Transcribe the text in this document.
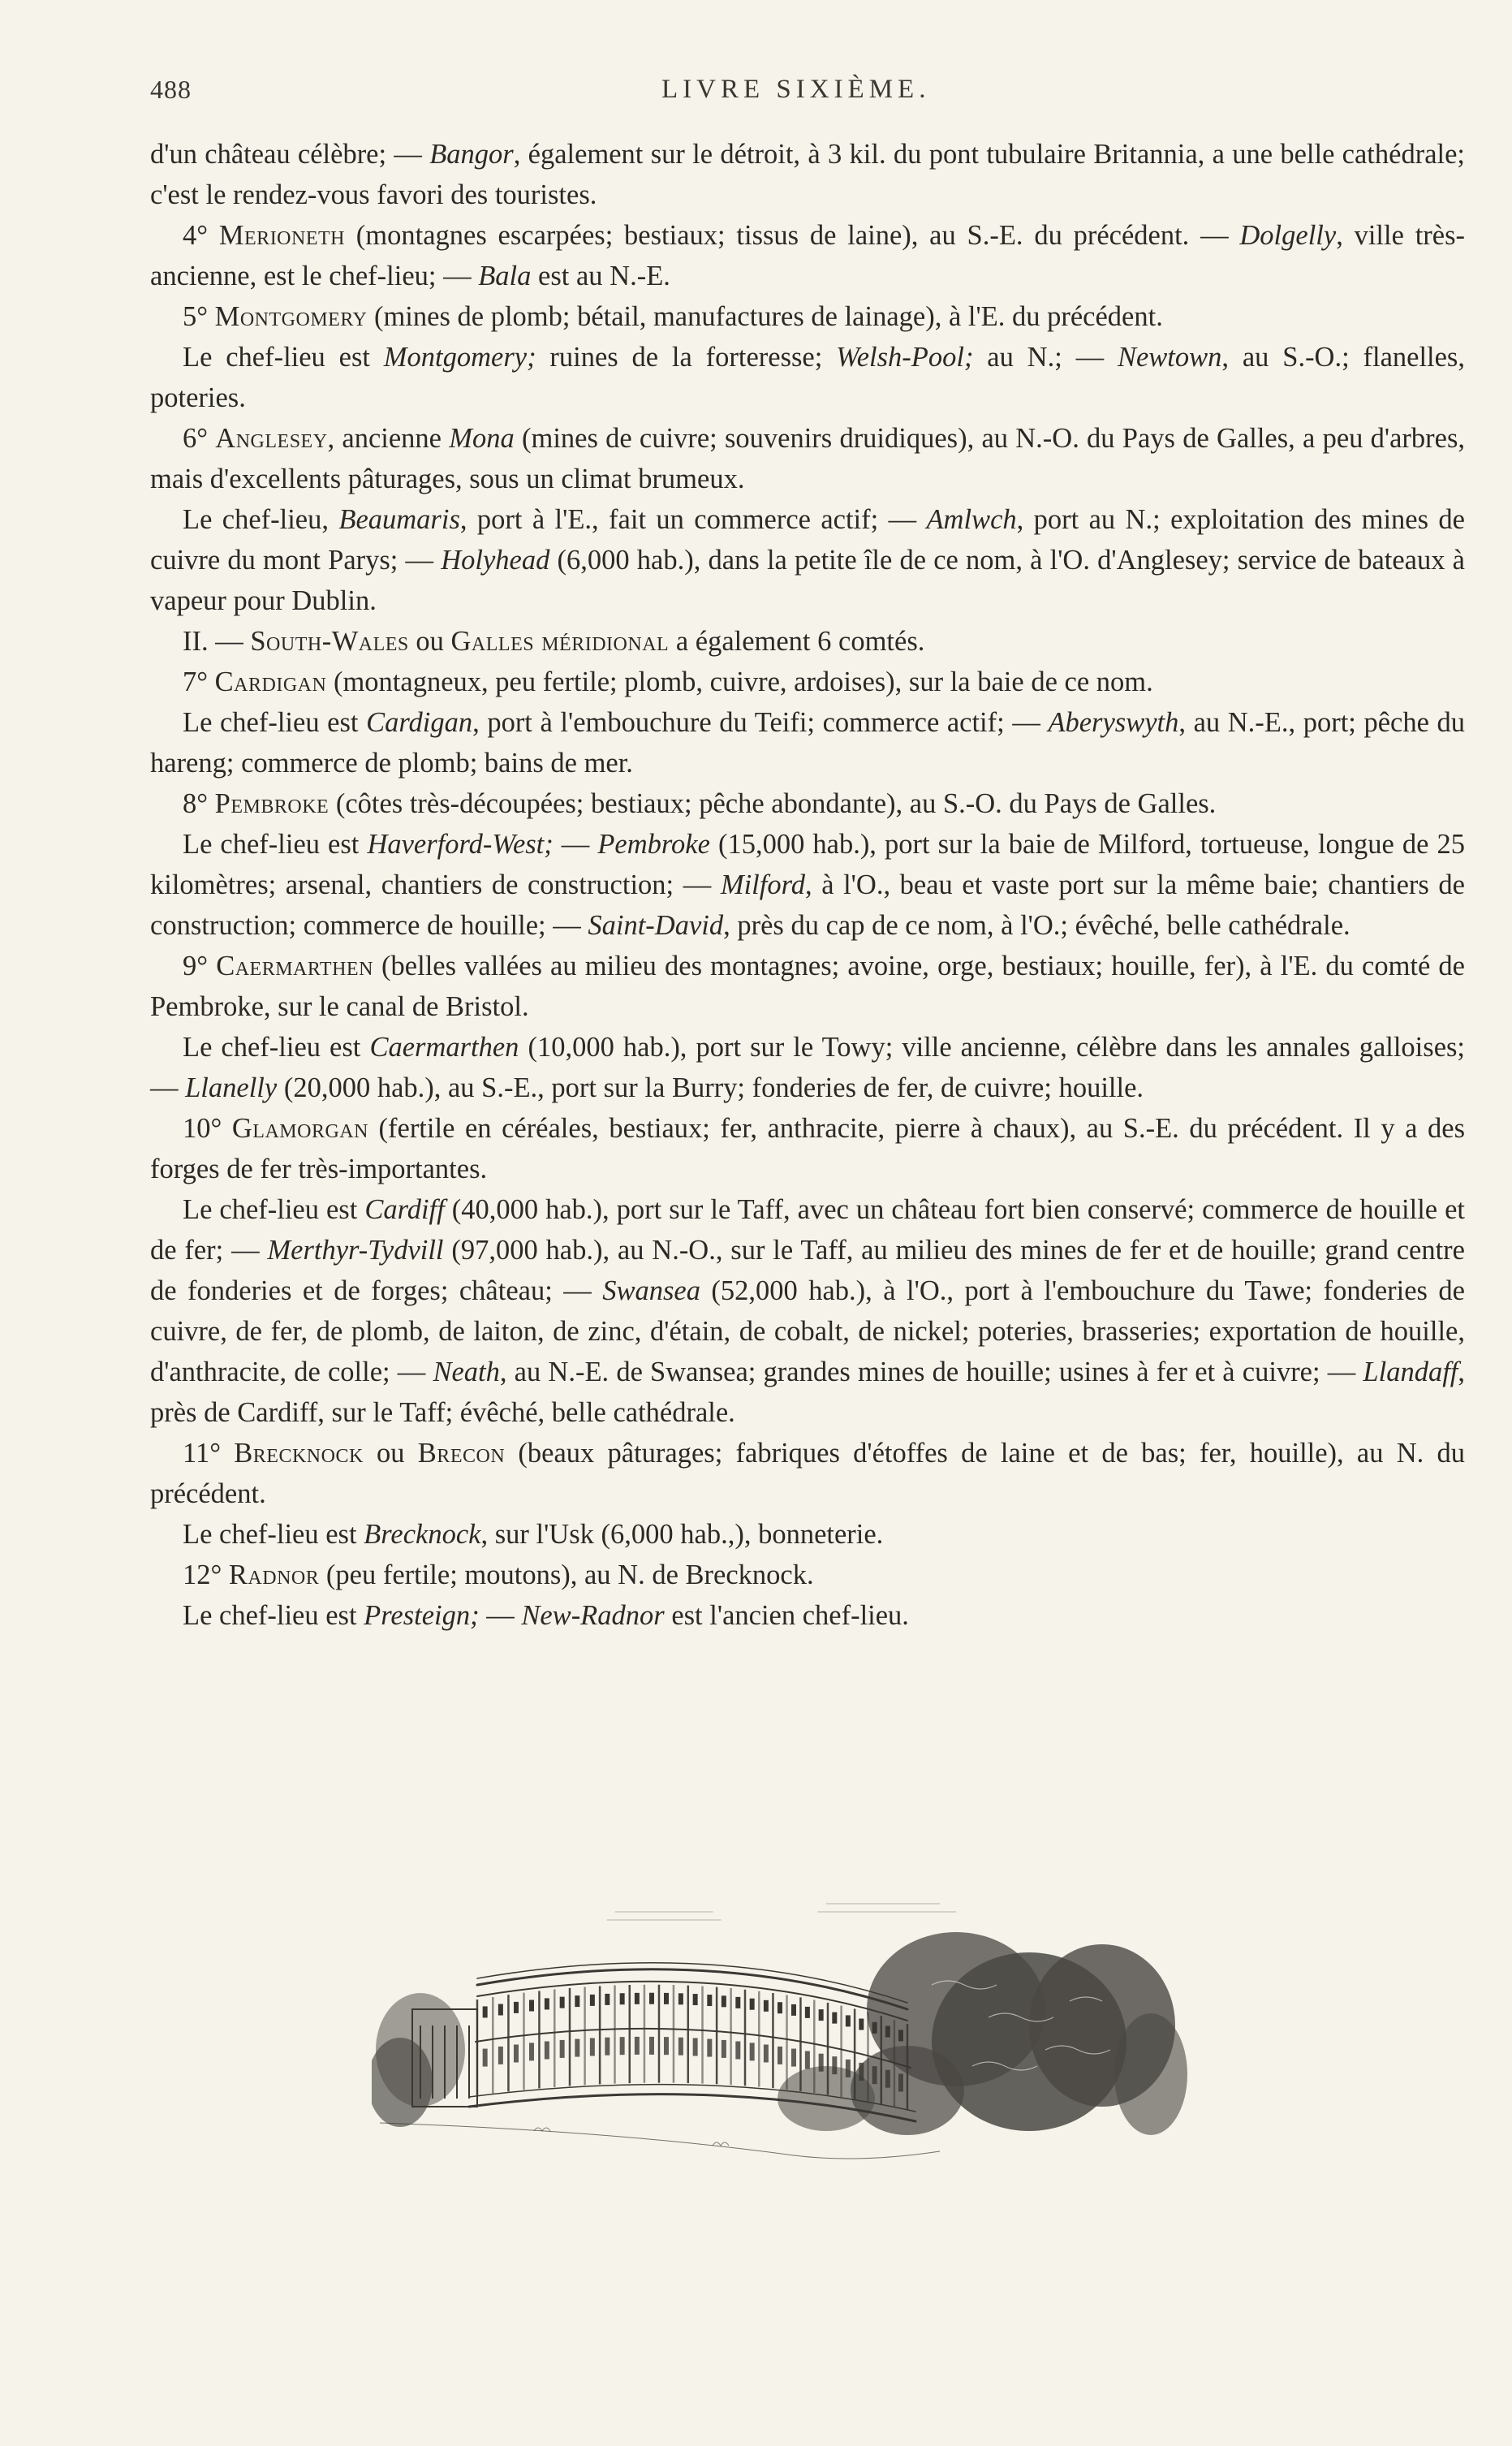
488	LIVRE SIXIÈME.

d'un château célèbre; — Bangor, également sur le détroit, à 3 kil. du pont tubulaire Britannia, a une belle cathédrale; c'est le rendez-vous favori des touristes.

4° Merioneth (montagnes escarpées; bestiaux; tissus de laine), au S.-E. du précédent. — Dolgelly, ville très-ancienne, est le chef-lieu; — Bala est au N.-E.

5° Montgomery (mines de plomb; bétail, manufactures de lainage), à l'E. du précédent.

Le chef-lieu est Montgomery; ruines de la forteresse; Welsh-Pool; au N.; — Newtown, au S.-O.; flanelles, poteries.

6° Anglesey, ancienne Mona (mines de cuivre; souvenirs druidiques), au N.-O. du Pays de Galles, a peu d'arbres, mais d'excellents pâturages, sous un climat brumeux.

Le chef-lieu, Beaumaris, port à l'E., fait un commerce actif; — Amlwch, port au N.; exploitation des mines de cuivre du mont Parys; — Holyhead (6,000 hab.), dans la petite île de ce nom, à l'O. d'Anglesey; service de bateaux à vapeur pour Dublin.

II. — South-Wales ou Galles méridional a également 6 comtés.

7° Cardigan (montagneux, peu fertile; plomb, cuivre, ardoises), sur la baie de ce nom.

Le chef-lieu est Cardigan, port à l'embouchure du Teifi; commerce actif; — Aberyswyth, au N.-E., port; pêche du hareng; commerce de plomb; bains de mer.

8° Pembroke (côtes très-découpées; bestiaux; pêche abondante), au S.-O. du Pays de Galles.

Le chef-lieu est Haverford-West; — Pembroke (15,000 hab.), port sur la baie de Milford, tortueuse, longue de 25 kilomètres; arsenal, chantiers de construction; — Milford, à l'O., beau et vaste port sur la même baie; chantiers de construction; commerce de houille; — Saint-David, près du cap de ce nom, à l'O.; évêché, belle cathédrale.

9° Caermarthen (belles vallées au milieu des montagnes; avoine, orge, bestiaux; houille, fer), à l'E. du comté de Pembroke, sur le canal de Bristol.

Le chef-lieu est Caermarthen (10,000 hab.), port sur le Towy; ville ancienne, célèbre dans les annales galloises; — Llanelly (20,000 hab.), au S.-E., port sur la Burry; fonderies de fer, de cuivre; houille.

10° Glamorgan (fertile en céréales, bestiaux; fer, anthracite, pierre à chaux), au S.-E. du précédent. Il y a des forges de fer très-importantes.

Le chef-lieu est Cardiff (40,000 hab.), port sur le Taff, avec un château fort bien conservé; commerce de houille et de fer; — Merthyr-Tydvill (97,000 hab.), au N.-O., sur le Taff, au milieu des mines de fer et de houille; grand centre de fonderies et de forges; château; — Swansea (52,000 hab.), à l'O., port à l'embouchure du Tawe; fonderies de cuivre, de fer, de plomb, de laiton, de zinc, d'étain, de cobalt, de nickel; poteries, brasseries; exportation de houille, d'anthracite, de colle; — Neath, au N.-E. de Swansea; grandes mines de houille; usines à fer et à cuivre; — Llandaff, près de Cardiff, sur le Taff; évêché, belle cathédrale.

11° Brecknock ou Brecon (beaux pâturages; fabriques d'étoffes de laine et de bas; fer, houille), au N. du précédent.

Le chef-lieu est Brecknock, sur l'Usk (6,000 hab.,), bonneterie.

12° Radnor (peu fertile; moutons), au N. de Brecknock.

Le chef-lieu est Presteign; — New-Radnor est l'ancien chef-lieu.
